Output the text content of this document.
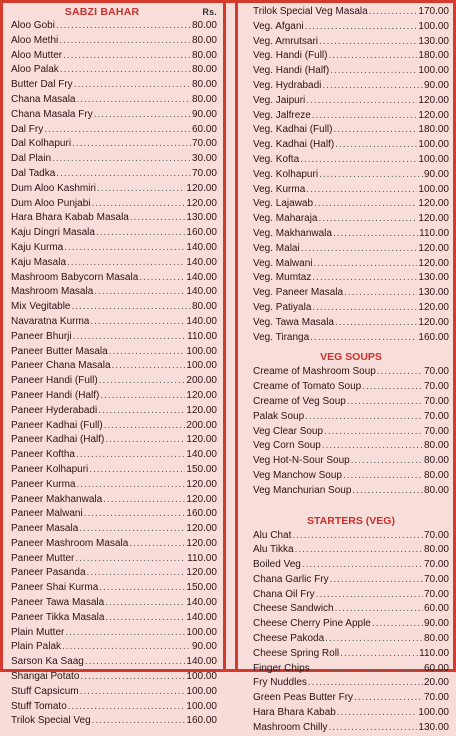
SABZI BAHAR	Rs.
Aloo Gobi .....	80.00
Aloo Methi .....	80.00
Aloo Mutter .....	80.00
Aloo Palak .....	80.00
Butter Dal Fry .....	80.00
Chana Masala .....	80.00
Chana Masala Fry .....	90.00
Dal Fry .....	60.00
Dal Kolhapuri .....	70.00
Dal Plain .....	30.00
Dal Tadka .....	70.00
Dum Aloo Kashmiri .....	120.00
Dum Aloo Punjabi .....	120.00
Hara Bhara Kabab Masala .....	130.00
Kaju Dingri Masala .....	160.00
Kaju Kurma .....	140.00
Kaju Masala .....	140.00
Mashroom Babycorn Masala .....	140.00
Mashroom Masala .....	140.00
Mix Vegitable .....	80.00
Navaratna Kurma .....	140.00
Paneer Bhurji .....	110.00
Paneer Butter Masala .....	100.00
Paneer Chana Masala .....	100.00
Paneer Handi (Full) .....	200.00
Paneer Handi (Half) .....	120.00
Paneer Hyderabadi .....	120.00
Paneer Kadhai (Full) .....	200.00
Paneer Kadhai (Half) .....	120.00
Paneer Koftha .....	140.00
Paneer Kolhapuri .....	150.00
Paneer Kurma .....	120.00
Paneer Makhanwala .....	120.00
Paneer Malwani .....	160.00
Paneer Masala .....	120.00
Paneer Mashroom Masala .....	120.00
Paneer Mutter .....	110.00
Paneer Pasanda .....	120.00
Paneer Shai Kurma .....	150.00
Paneer Tawa Masala .....	140.00
Paneer Tikka Masala .....	140.00
Plain Mutter .....	100.00
Plain Palak .....	90.00
Sarson Ka Saag .....	140.00
Shangai Potato .....	100.00
Stuff Capsicum .....	100.00
Stuff Tomato .....	100.00
Trilok Special Veg .....	160.00
Trilok Special Veg Masala .....	170.00
Veg. Afgani .....	100.00
Veg. Amrutsari .....	130.00
Veg. Handi (Full) .....	180.00
Veg. Handi (Half) .....	100.00
Veg. Hydrabadi .....	90.00
Veg. Jaipuri .....	120.00
Veg. Jalfreze .....	120.00
Veg. Kadhai (Full) .....	180.00
Veg. Kadhai (Half) .....	100.00
Veg. Kofta .....	100.00
Veg. Kolhapuri .....	90.00
Veg. Kurma .....	100.00
Veg. Lajawab .....	120.00
Veg. Maharaja .....	120.00
Veg. Makhanwala .....	110.00
Veg. Malai .....	120.00
Veg. Malwani .....	120.00
Veg. Mumtaz .....	130.00
Veg. Paneer Masala .....	130.00
Veg. Patiyala .....	120.00
Veg. Tawa Masala .....	120.00
Veg. Tiranga .....	160.00
VEG SOUPS
Creame of Mashroom Soup .....	70.00
Creame of Tomato Soup .....	70.00
Creame of Veg Soup .....	70.00
Palak Soup .....	70.00
Veg Clear Soup .....	70.00
Veg Corn Soup .....	80.00
Veg Hot-N-Sour Soup .....	80.00
Veg Manchow Soup .....	80.00
Veg Manchurian Soup .....	80.00
STARTERS (VEG)
Alu Chat .....	70.00
Alu Tikka .....	80.00
Boiled Veg .....	70.00
Chana Garlic Fry .....	70.00
Chana Oil Fry .....	70.00
Cheese Sandwich .....	60.00
Cheese Cherry Pine Apple .....	90.00
Cheese Pakoda .....	80.00
Cheese Spring Roll .....	110.00
Finger Chips .....	60.00
Fry Nuddles .....	20.00
Green Peas Butter Fry .....	70.00
Hara Bhara Kabab .....	100.00
Mashroom Chilly .....	130.00
